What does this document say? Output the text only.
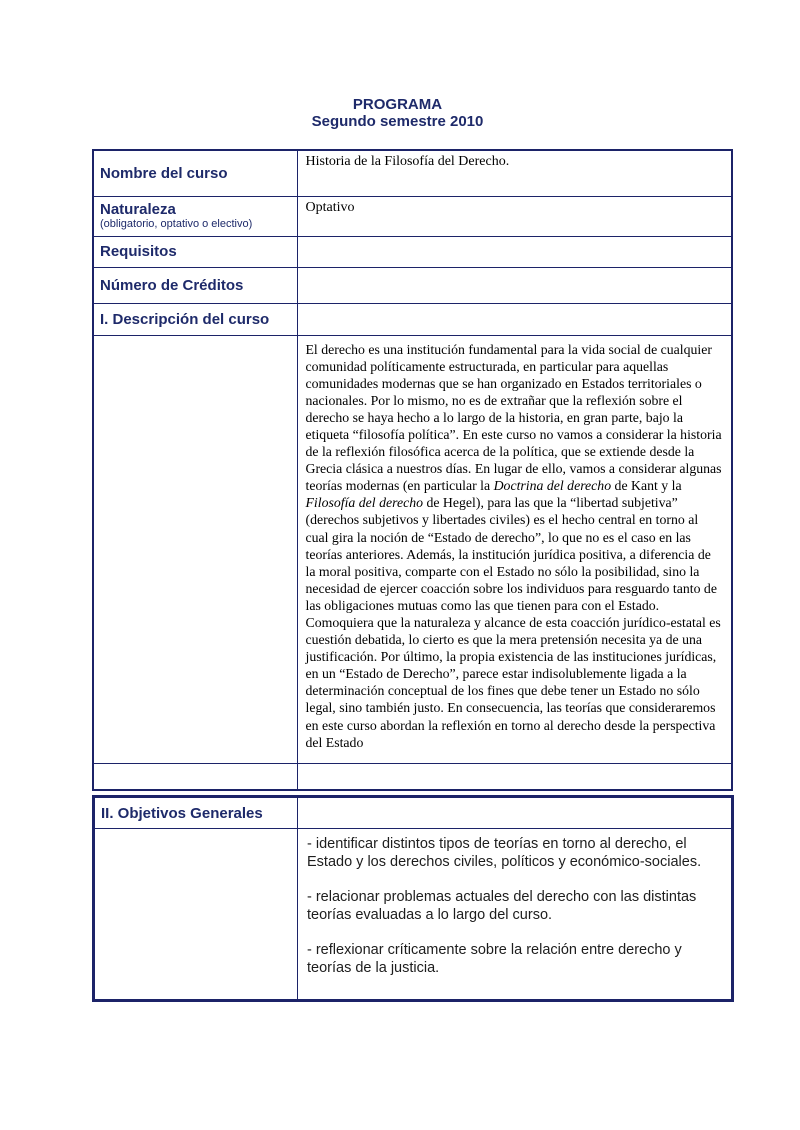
PROGRAMA
Segundo semestre 2010
Nombre del curso	Historia de la Filosofía del Derecho.

Naturaleza
(obligatorio, optativo o electivo)	Optativo
Requisitos	
Número de Créditos	
I. Descripción del curso	
	El derecho es una institución fundamental para la vida social de cualquier comunidad políticamente estructurada, en particular para aquellas comunidades modernas que se han organizado en Estados territoriales o nacionales. Por lo mismo, no es de extrañar que la reflexión sobre el derecho se haya hecho a lo largo de la historia, en gran parte, bajo la etiqueta “filosofía política”. En este curso no vamos a considerar la historia de la reflexión filosófica acerca de la política, que se extiende desde la Grecia clásica a nuestros días. En lugar de ello, vamos a considerar algunas teorías modernas (en particular la Doctrina del derecho de Kant y la Filosofía del derecho de Hegel), para las que la “libertad subjetiva” (derechos subjetivos y libertades civiles) es el hecho central en torno al cual gira la noción de “Estado de derecho”, lo que no es el caso en las teorías anteriores. Además, la institución jurídica positiva, a diferencia de la moral positiva, comparte con el Estado no sólo la posibilidad, sino la necesidad de ejercer coacción sobre los individuos para resguardo tanto de las obligaciones mutuas como las que tienen para con el Estado. Comoquiera que la naturaleza y alcance de esta coacción jurídico-estatal es cuestión debatida, lo cierto es que la mera pretensión necesita ya de una justificación. Por último, la propia existencia de las instituciones jurídicas, en un “Estado de Derecho”, parece estar indisolublemente ligada a la determinación conceptual de los fines que debe tener un Estado no sólo legal, sino también justo. En consecuencia, las teorías que consideraremos en este curso abordan la reflexión en torno al derecho desde la perspectiva del Estado

II. Objetivos Generales	

	- identificar distintos tipos de teorías en torno al derecho, el Estado y los derechos civiles, políticos y económico-sociales.

- relacionar problemas actuales del derecho con las distintas teorías evaluadas a lo largo del curso.

- reflexionar críticamente sobre la relación entre derecho y teorías de la justicia.
